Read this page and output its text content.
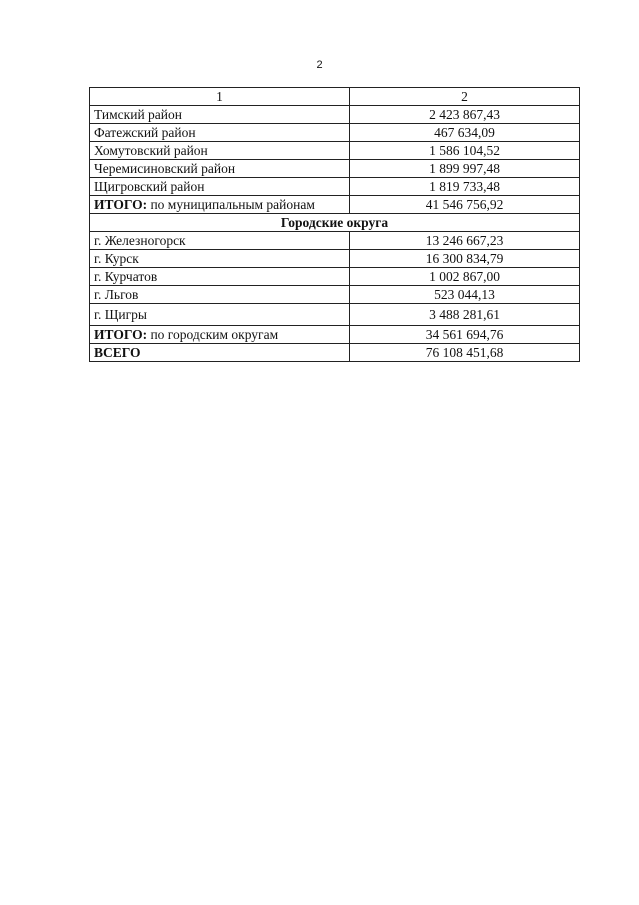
2
1	2
Тимский район	2 423 867,43
Фатежский район	467 634,09
Хомутовский район	1 586 104,52
Черемисиновский район	1 899 997,48
Щигровский район	1 819 733,48
ИТОГО: по муниципальным районам	41 546 756,92
Городские округа	
г. Железногорск	13 246 667,23
г. Курск	16 300 834,79
г. Курчатов	1 002 867,00
г. Льгов	523 044,13
г. Щигры	3 488 281,61
ИТОГО: по городским округам	34 561 694,76
ВСЕГО	76 108 451,68
